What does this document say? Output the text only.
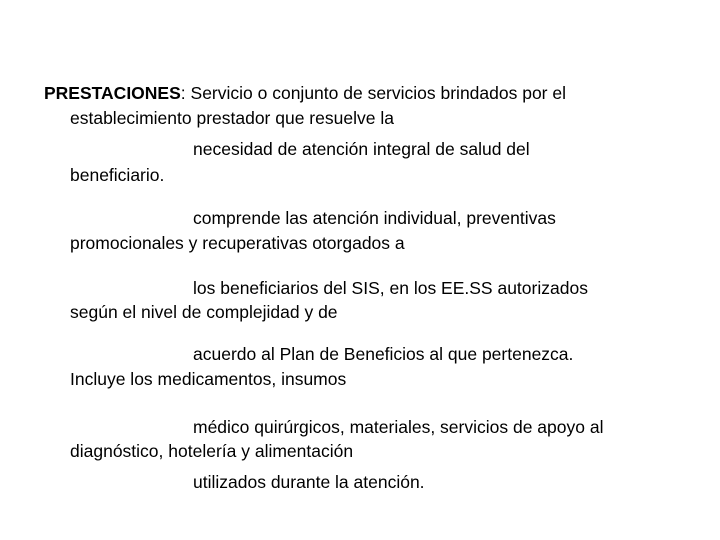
PRESTACIONES: Servicio o conjunto de servicios brindados por el

establecimiento prestador que resuelve la

necesidad de atención integral de salud del

beneficiario.

comprende las atención individual, preventivas

promocionales y recuperativas otorgados a

los beneficiarios del SIS, en los EE.SS autorizados

según el nivel de complejidad y de

acuerdo al Plan de Beneficios al que pertenezca.

Incluye los medicamentos, insumos

médico quirúrgicos, materiales, servicios de apoyo al

diagnóstico, hotelería y alimentación

utilizados durante la atención.
